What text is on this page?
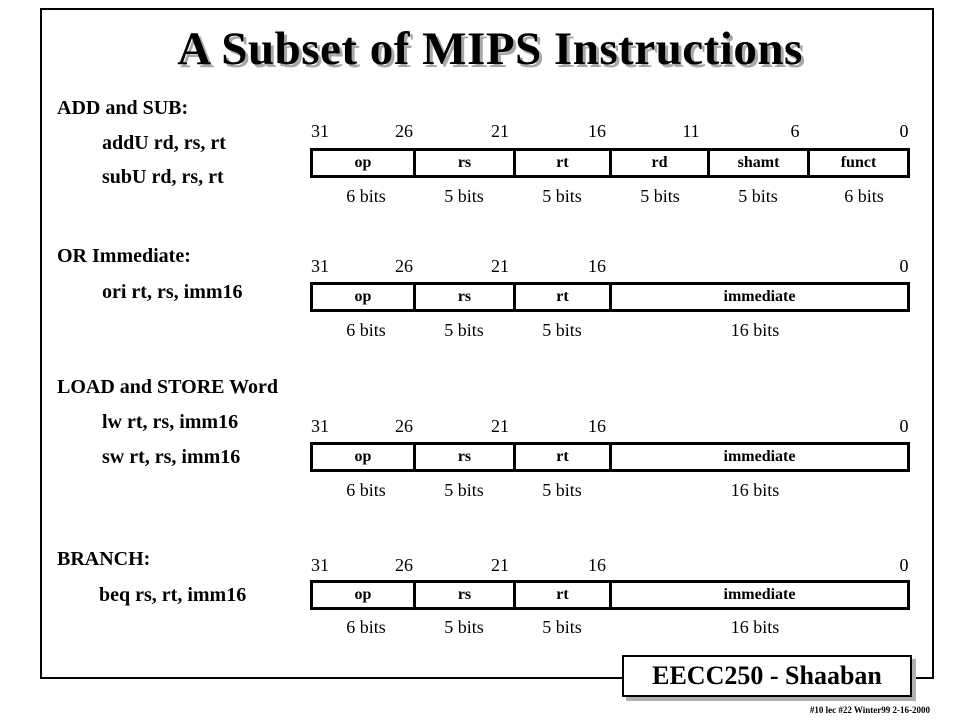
A Subset of MIPS Instructions
ADD and SUB:
addU rd, rs, rt
subU rd, rs, rt
31	26	21	16	11	6	0
op	rs	rt	rd	shamt	funct
6 bits	5 bits	5 bits	5 bits	5 bits	6 bits
OR Immediate:
ori rt, rs, imm16
31	26	21	16	0
op	rs	rt	immediate
6 bits	5 bits	5 bits	16 bits
LOAD and STORE Word
lw rt, rs, imm16
sw rt, rs, imm16
31	26	21	16	0
op	rs	rt	immediate
6 bits	5 bits	5 bits	16 bits
BRANCH:
beq rs, rt, imm16
31	26	21	16	0
op	rs	rt	immediate
6 bits	5 bits	5 bits	16 bits
EECC250 - Shaaban
#10 lec #22 Winter99 2-16-2000
